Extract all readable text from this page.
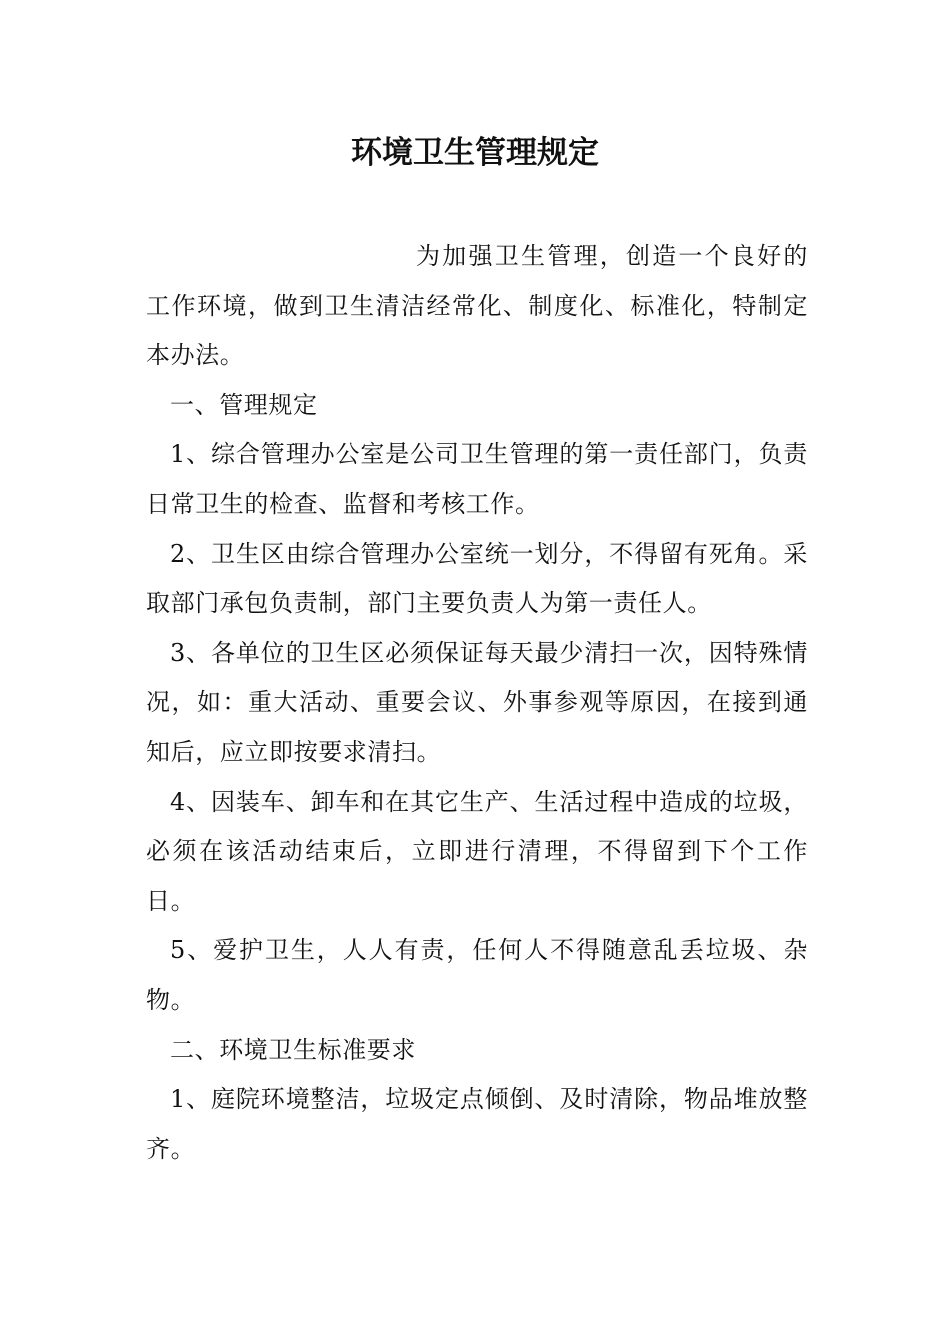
环境卫生管理规定

为加强卫生管理，创造一个良好的工作环境，做到卫生清洁经常化、制度化、标准化，特制定本办法。

一、管理规定

1、综合管理办公室是公司卫生管理的第一责任部门，负责日常卫生的检查、监督和考核工作。

2、卫生区由综合管理办公室统一划分，不得留有死角。采取部门承包负责制，部门主要负责人为第一责任人。

3、各单位的卫生区必须保证每天最少清扫一次，因特殊情况，如：重大活动、重要会议、外事参观等原因，在接到通知后，应立即按要求清扫。

4、因装车、卸车和在其它生产、生活过程中造成的垃圾，必须在该活动结束后，立即进行清理，不得留到下个工作日。

5、爱护卫生，人人有责，任何人不得随意乱丢垃圾、杂物。

二、环境卫生标准要求

1、庭院环境整洁，垃圾定点倾倒、及时清除，物品堆放整齐。
